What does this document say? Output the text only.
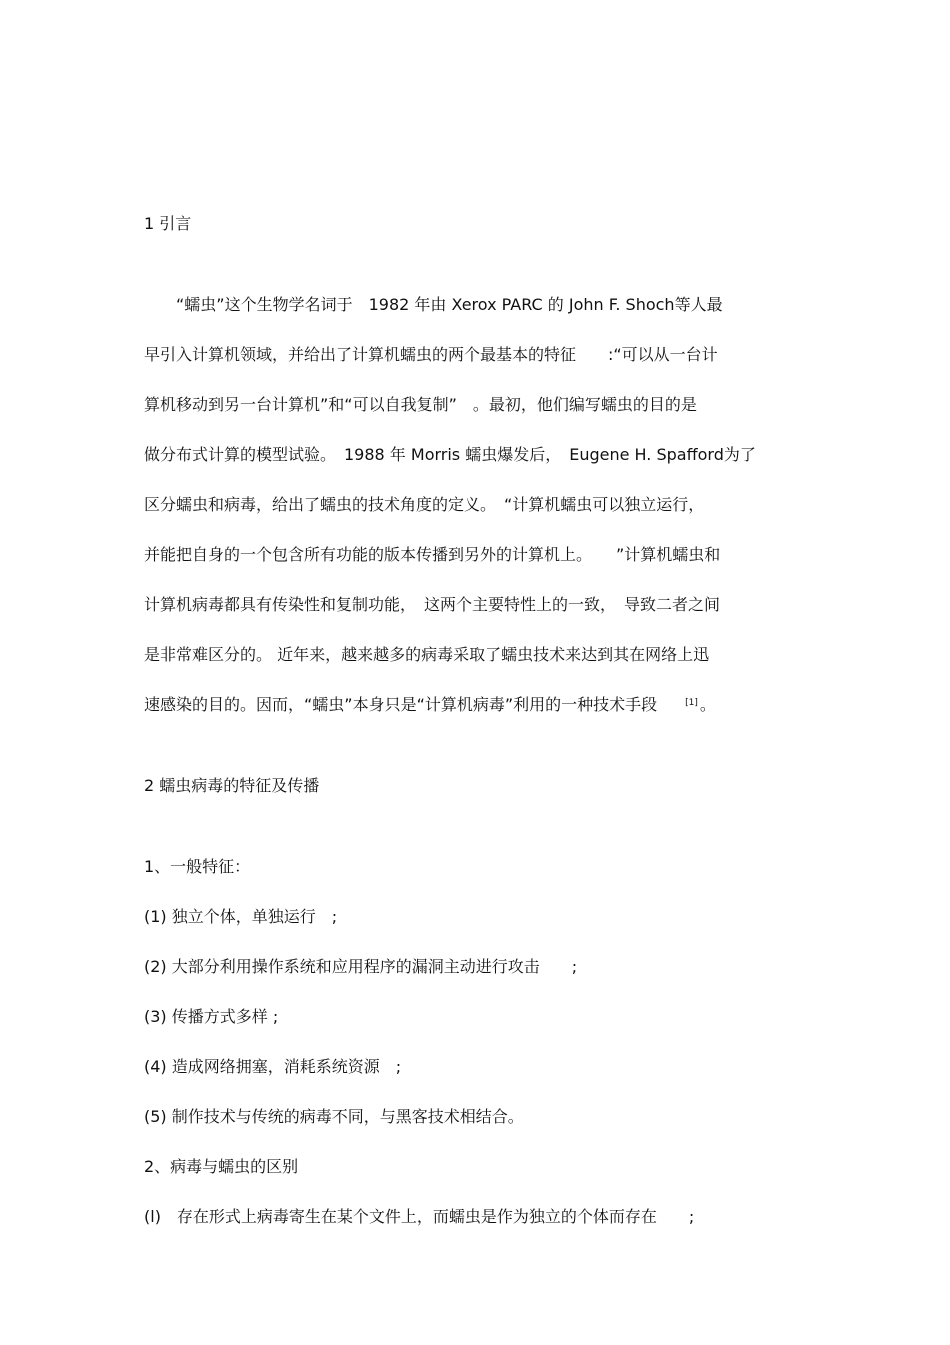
1 引言
　　“蠕虫”这个生物学名词于　1982 年由 Xerox PARC 的 John F. Shoch等人最
早引入计算机领域，并给出了计算机蠕虫的两个最基本的特征　　:“可以从一台计
算机移动到另一台计算机”和“可以自我复制”　。最初，他们编写蠕虫的目的是
做分布式计算的模型试验。　1988 年 Morris 蠕虫爆发后，　Eugene H. Spafford为了
区分蠕虫和病毒，给出了蠕虫的技术角度的定义。　“计算机蠕虫可以独立运行，
并能把自身的一个包含所有功能的版本传播到另外的计算机上。　　”计算机蠕虫和
计算机病毒都具有传染性和复制功能，　这两个主要特性上的一致，　导致二者之间
是非常难区分的。 近年来，越来越多的病毒采取了蠕虫技术来达到其在网络上迅
速感染的目的。因而，“蠕虫”本身只是“计算机病毒”利用的一种技术手段	[1] 。
2 蠕虫病毒的特征及传播
1、一般特征：
(1) 独立个体，单独运行　;
(2) 大部分利用操作系统和应用程序的漏洞主动进行攻击　　;
(3) 传播方式多样 ;
(4) 造成网络拥塞，消耗系统资源　;
(5) 制作技术与传统的病毒不同，与黑客技术相结合。
2、病毒与蠕虫的区别
(l)　存在形式上病毒寄生在某个文件上，而蠕虫是作为独立的个体而存在　　;
